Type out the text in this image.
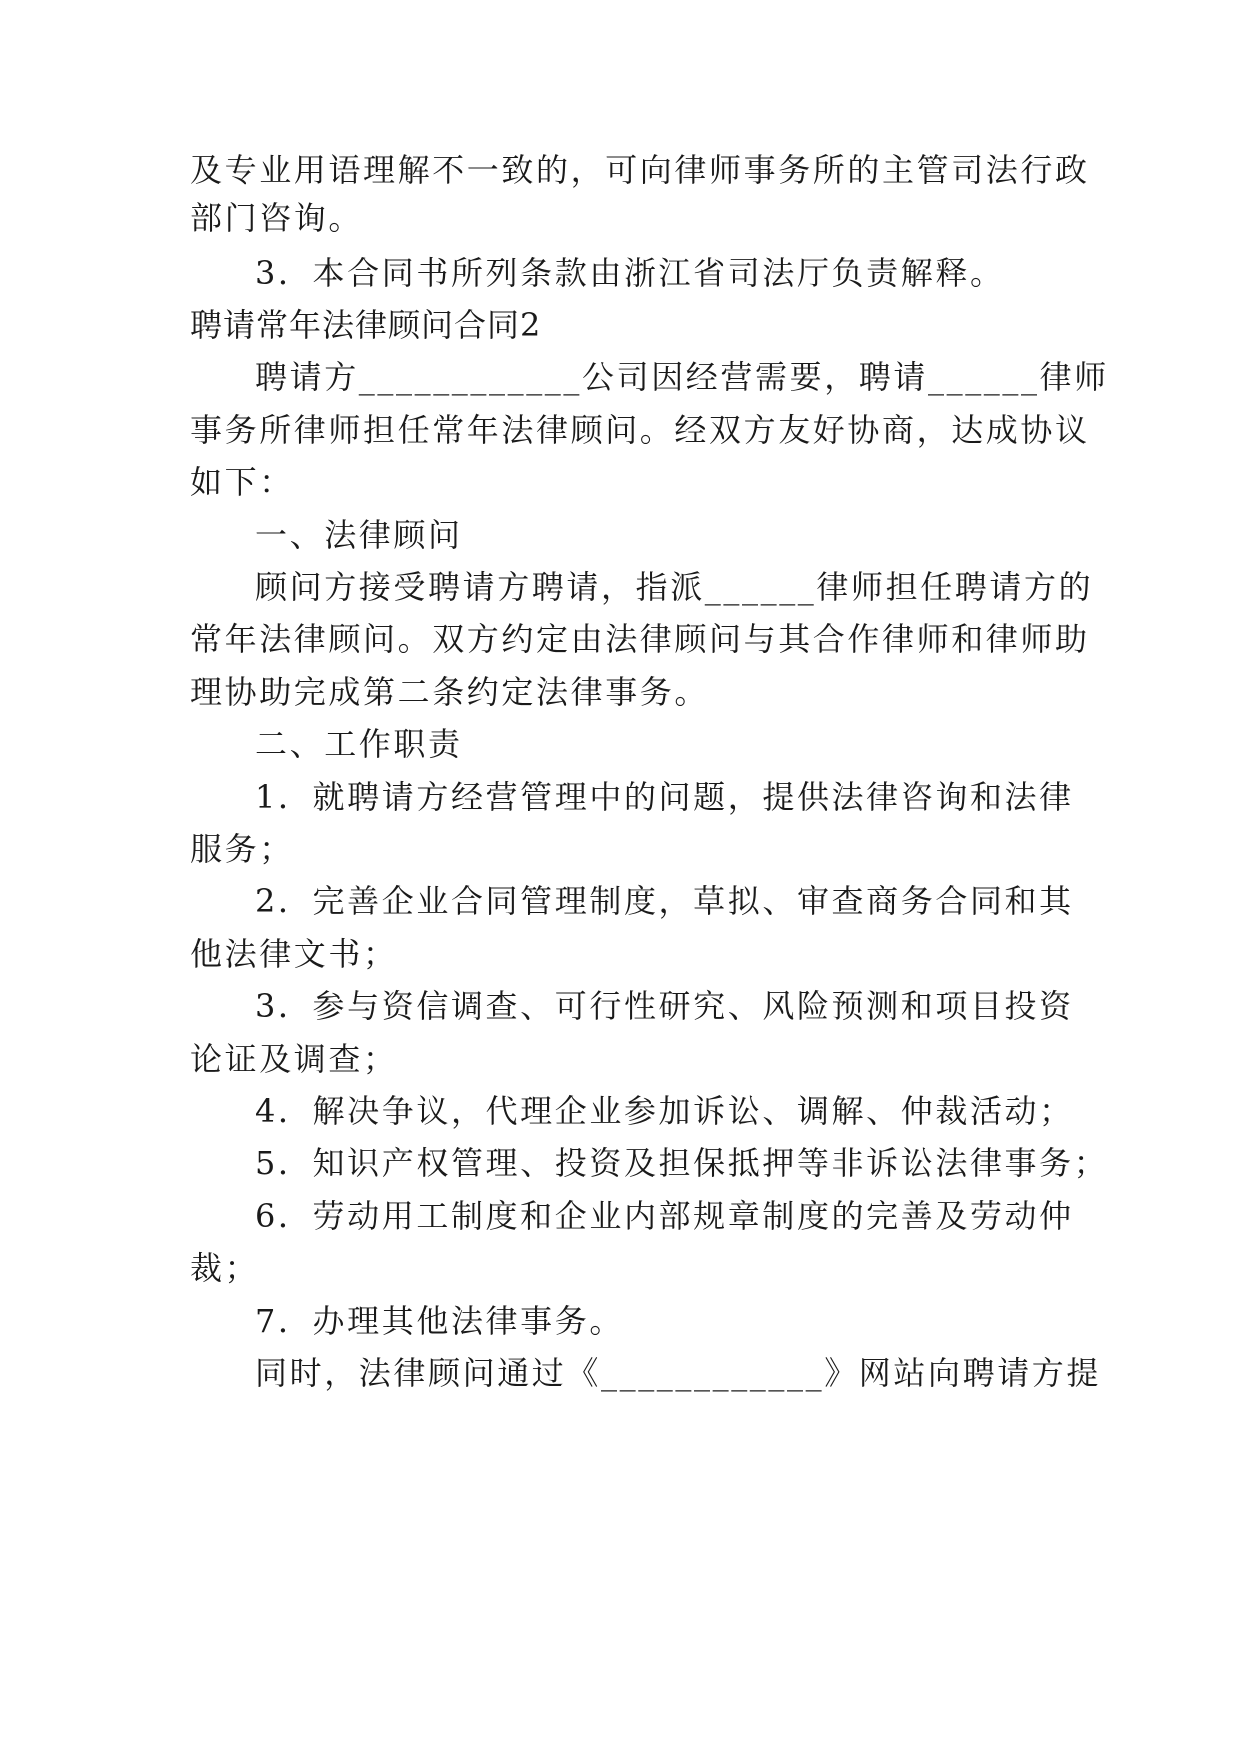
及专业用语理解不一致的，可向律师事务所的主管司法行政
部门咨询。
3．本合同书所列条款由浙江省司法厅负责解释。
聘请常年法律顾问合同2
聘请方____________公司因经营需要，聘请______律师
事务所律师担任常年法律顾问。经双方友好协商，达成协议
如下：
一、法律顾问
顾问方接受聘请方聘请，指派______律师担任聘请方的
常年法律顾问。双方约定由法律顾问与其合作律师和律师助
理协助完成第二条约定法律事务。
二、工作职责
1．就聘请方经营管理中的问题，提供法律咨询和法律
服务；
2．完善企业合同管理制度，草拟、审查商务合同和其
他法律文书；
3．参与资信调查、可行性研究、风险预测和项目投资
论证及调查；
4．解决争议，代理企业参加诉讼、调解、仲裁活动；
5．知识产权管理、投资及担保抵押等非诉讼法律事务；
6．劳动用工制度和企业内部规章制度的完善及劳动仲
裁；
7．办理其他法律事务。
同时，法律顾问通过《____________》网站向聘请方提
